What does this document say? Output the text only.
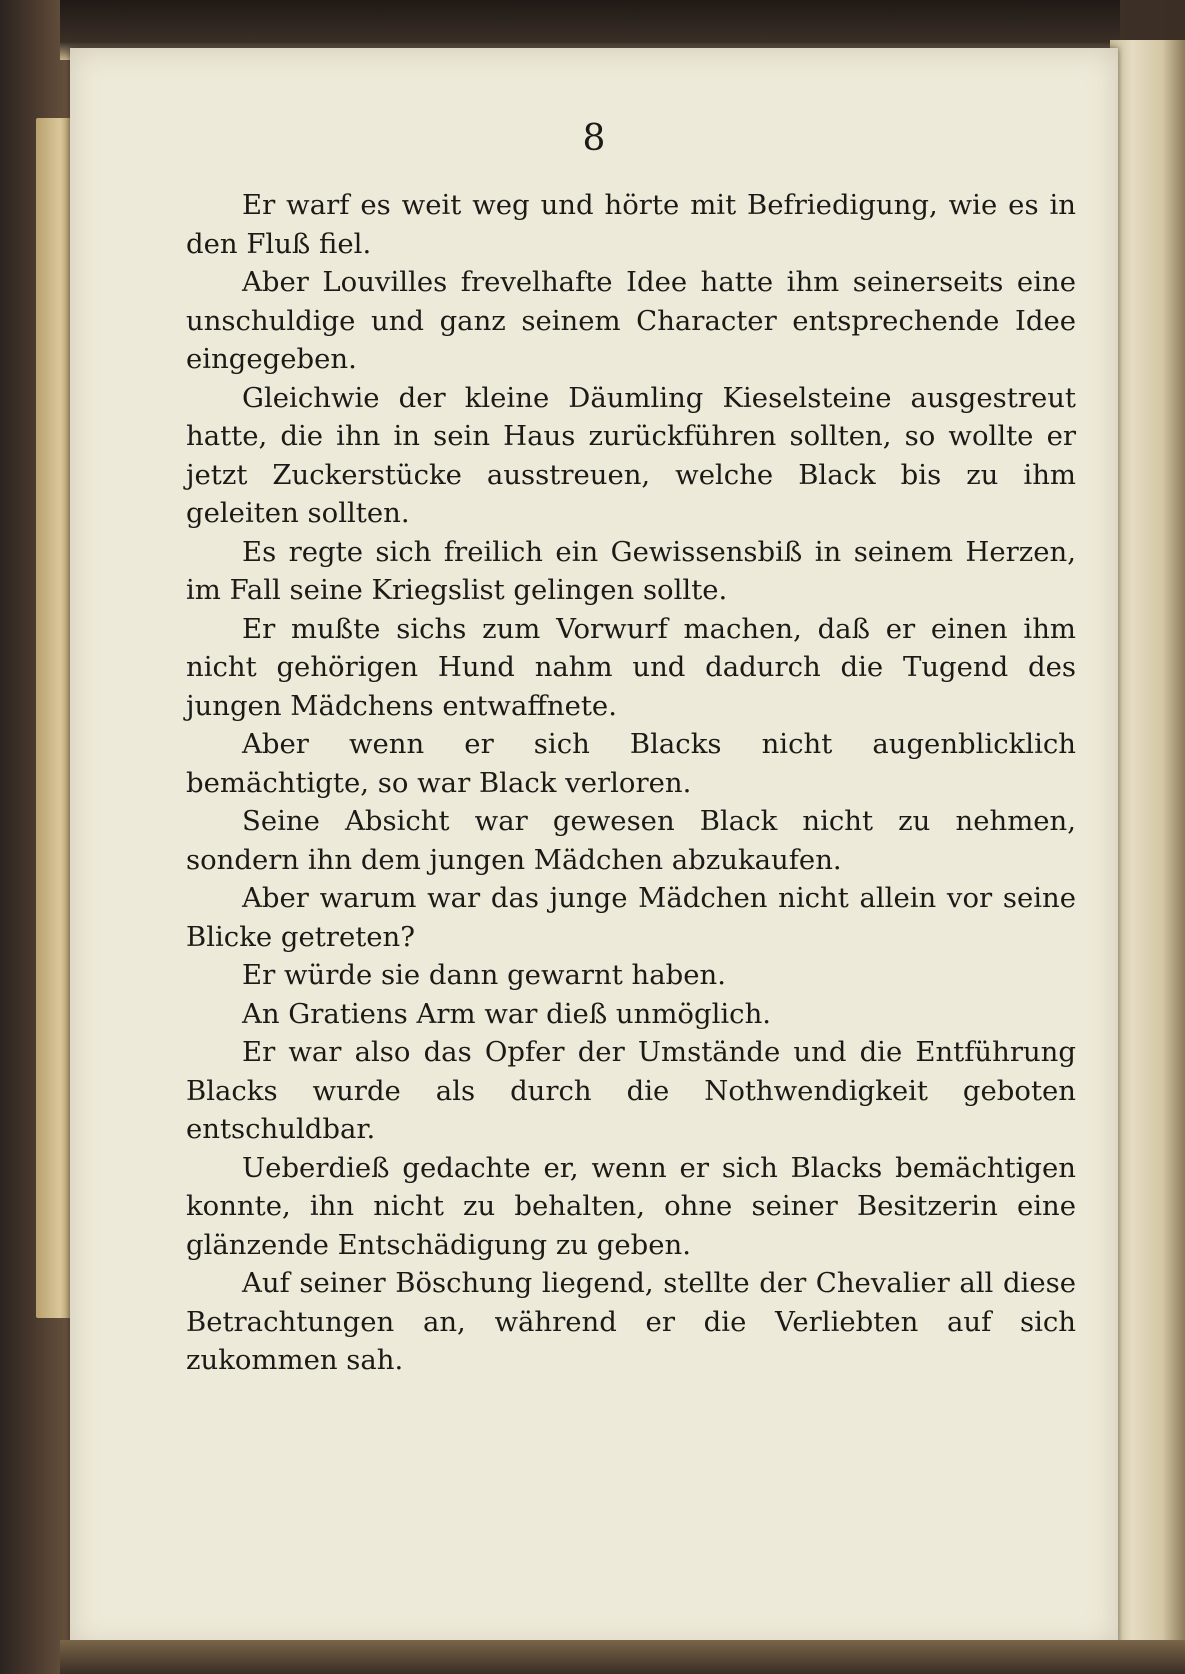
8

Er warf es weit weg und hörte mit Befriedigung, wie es in den Fluß fiel.

Aber Louvilles frevelhafte Idee hatte ihm seinerseits eine unschuldige und ganz seinem Character entsprechende Idee eingegeben.

Gleichwie der kleine Däumling Kieselsteine ausgestreut hatte, die ihn in sein Haus zurückführen sollten, so wollte er jetzt Zuckerstücke ausstreuen, welche Black bis zu ihm geleiten sollten.

Es regte sich freilich ein Gewissensbiß in seinem Herzen, im Fall seine Kriegslist gelingen sollte.

Er mußte sichs zum Vorwurf machen, daß er einen ihm nicht gehörigen Hund nahm und dadurch die Tugend des jungen Mädchens entwaffnete.

Aber wenn er sich Blacks nicht augenblicklich bemächtigte, so war Black verloren.

Seine Absicht war gewesen Black nicht zu nehmen, sondern ihn dem jungen Mädchen abzukaufen.

Aber warum war das junge Mädchen nicht allein vor seine Blicke getreten?

Er würde sie dann gewarnt haben.

An Gratiens Arm war dieß unmöglich.

Er war also das Opfer der Umstände und die Entführung Blacks wurde als durch die Nothwendigkeit geboten entschuldbar.

Ueberdieß gedachte er, wenn er sich Blacks bemächtigen konnte, ihn nicht zu behalten, ohne seiner Besitzerin eine glänzende Entschädigung zu geben.

Auf seiner Böschung liegend, stellte der Chevalier all diese Betrachtungen an, während er die Verliebten auf sich zukommen sah.
